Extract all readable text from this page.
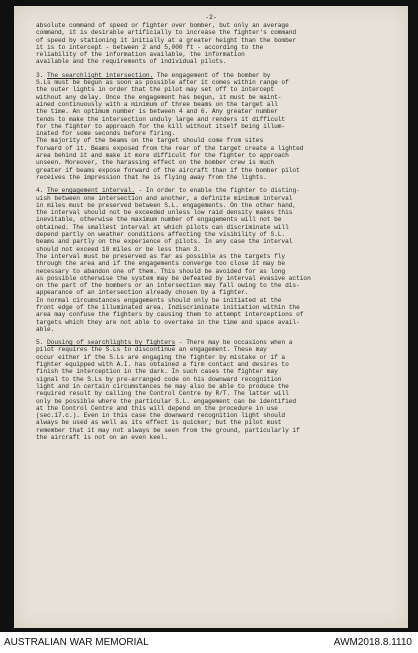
-2-
absolute command of speed or fighter over bomber, but only an average
command, it is desirable artificially to increase the fighter's command
of speed by stationing it initially at a greater height than the bomber
it is to intercept - between 2 and 5,000 ft - according to the
reliability of the information available, the information
available and the requirements of individual pilots.
3. The searchlight intersection. The engagement of the bomber by
S.Ls must be begun as soon as possible after it comes within range of
the outer lights in order that the pilot may set off to intercept
without any delay. Once the engagement has begun, it must be maint-
ained continuously with a minimum of three beams on the target all
the time. An optimum number is between 4 and 6. Any greater number
tends to make the intersection unduly large and renders it difficult
for the fighter to approach for the kill without itself being illum-
inated for some seconds before firing.
The majority of the beams on the target should come from sites
forward of it. Beams exposed from the rear of the target create a lighted
area behind it and make it more difficult for the fighter to approach
unseen. Moreover, the harassing effect on the bomber crew is much
greater if beams expose forward of the aircraft than if the bomber pilot
receives the impression that he is flying away from the lights.
4. The engagement interval. - In order to enable the fighter to disting-
uish between one intersection and another, a definite minimum interval
in miles must be preserved between S.L. engagements. On the other hand,
the interval should not be exceeded unless low raid density makes this
inevitable, otherwise the maximum number of engagements will not be
obtained. The smallest interval at which pilots can discriminate will
depend partly on weather conditions affecting the visibility of S.L.
beams and partly on the experience of pilots. In any case the interval
should not exceed 10 miles or be less than 3.
The interval must be preserved as far as possible as the targets fly
through the area and if the engagements converge too close it may be
necessary to abandon one of them. This should be avoided for as long
as possible otherwise the system may be defeated by interval evasive action
on the part of the bombers or an intersection may fall owing to the dis-
appearance of an intersection already chosen by a fighter.
In normal circumstances engagements should only be initiated at the
front edge of the illuminated area. Indiscriminate initiation within the
area may confuse the fighters by causing them to attempt interceptions of
targets which they are not able to overtake in the time and space avail-
able.
5. Dousing of searchlights by fighters - There may be occasions when a
pilot requires the S.Ls to discontinue an engagement. These may
occur either if the S.Ls are engaging the fighter by mistake or if a
fighter equipped with A.I. has obtained a firm contact and desires to
finish the interception in the dark. In such cases the fighter may
signal to the S.Ls by pre-arranged code on his downward recognition
light and in certain circumstances he may also be able to produce the
required result by calling the Control Centre by R/T. The latter will
only be possible where the particular S.L. engagement can be identified
at the Control Centre and this will depend on the procedure in use
(sec.17.c.). Even in this case the downward recognition light should
always be used as well as its effect is quicker; but the pilot must
remember that it may not always be seen from the ground, particularly if
the aircraft is not on an even keel.
AUSTRALIAN WAR MEMORIAL	AWM2018.8.1110
